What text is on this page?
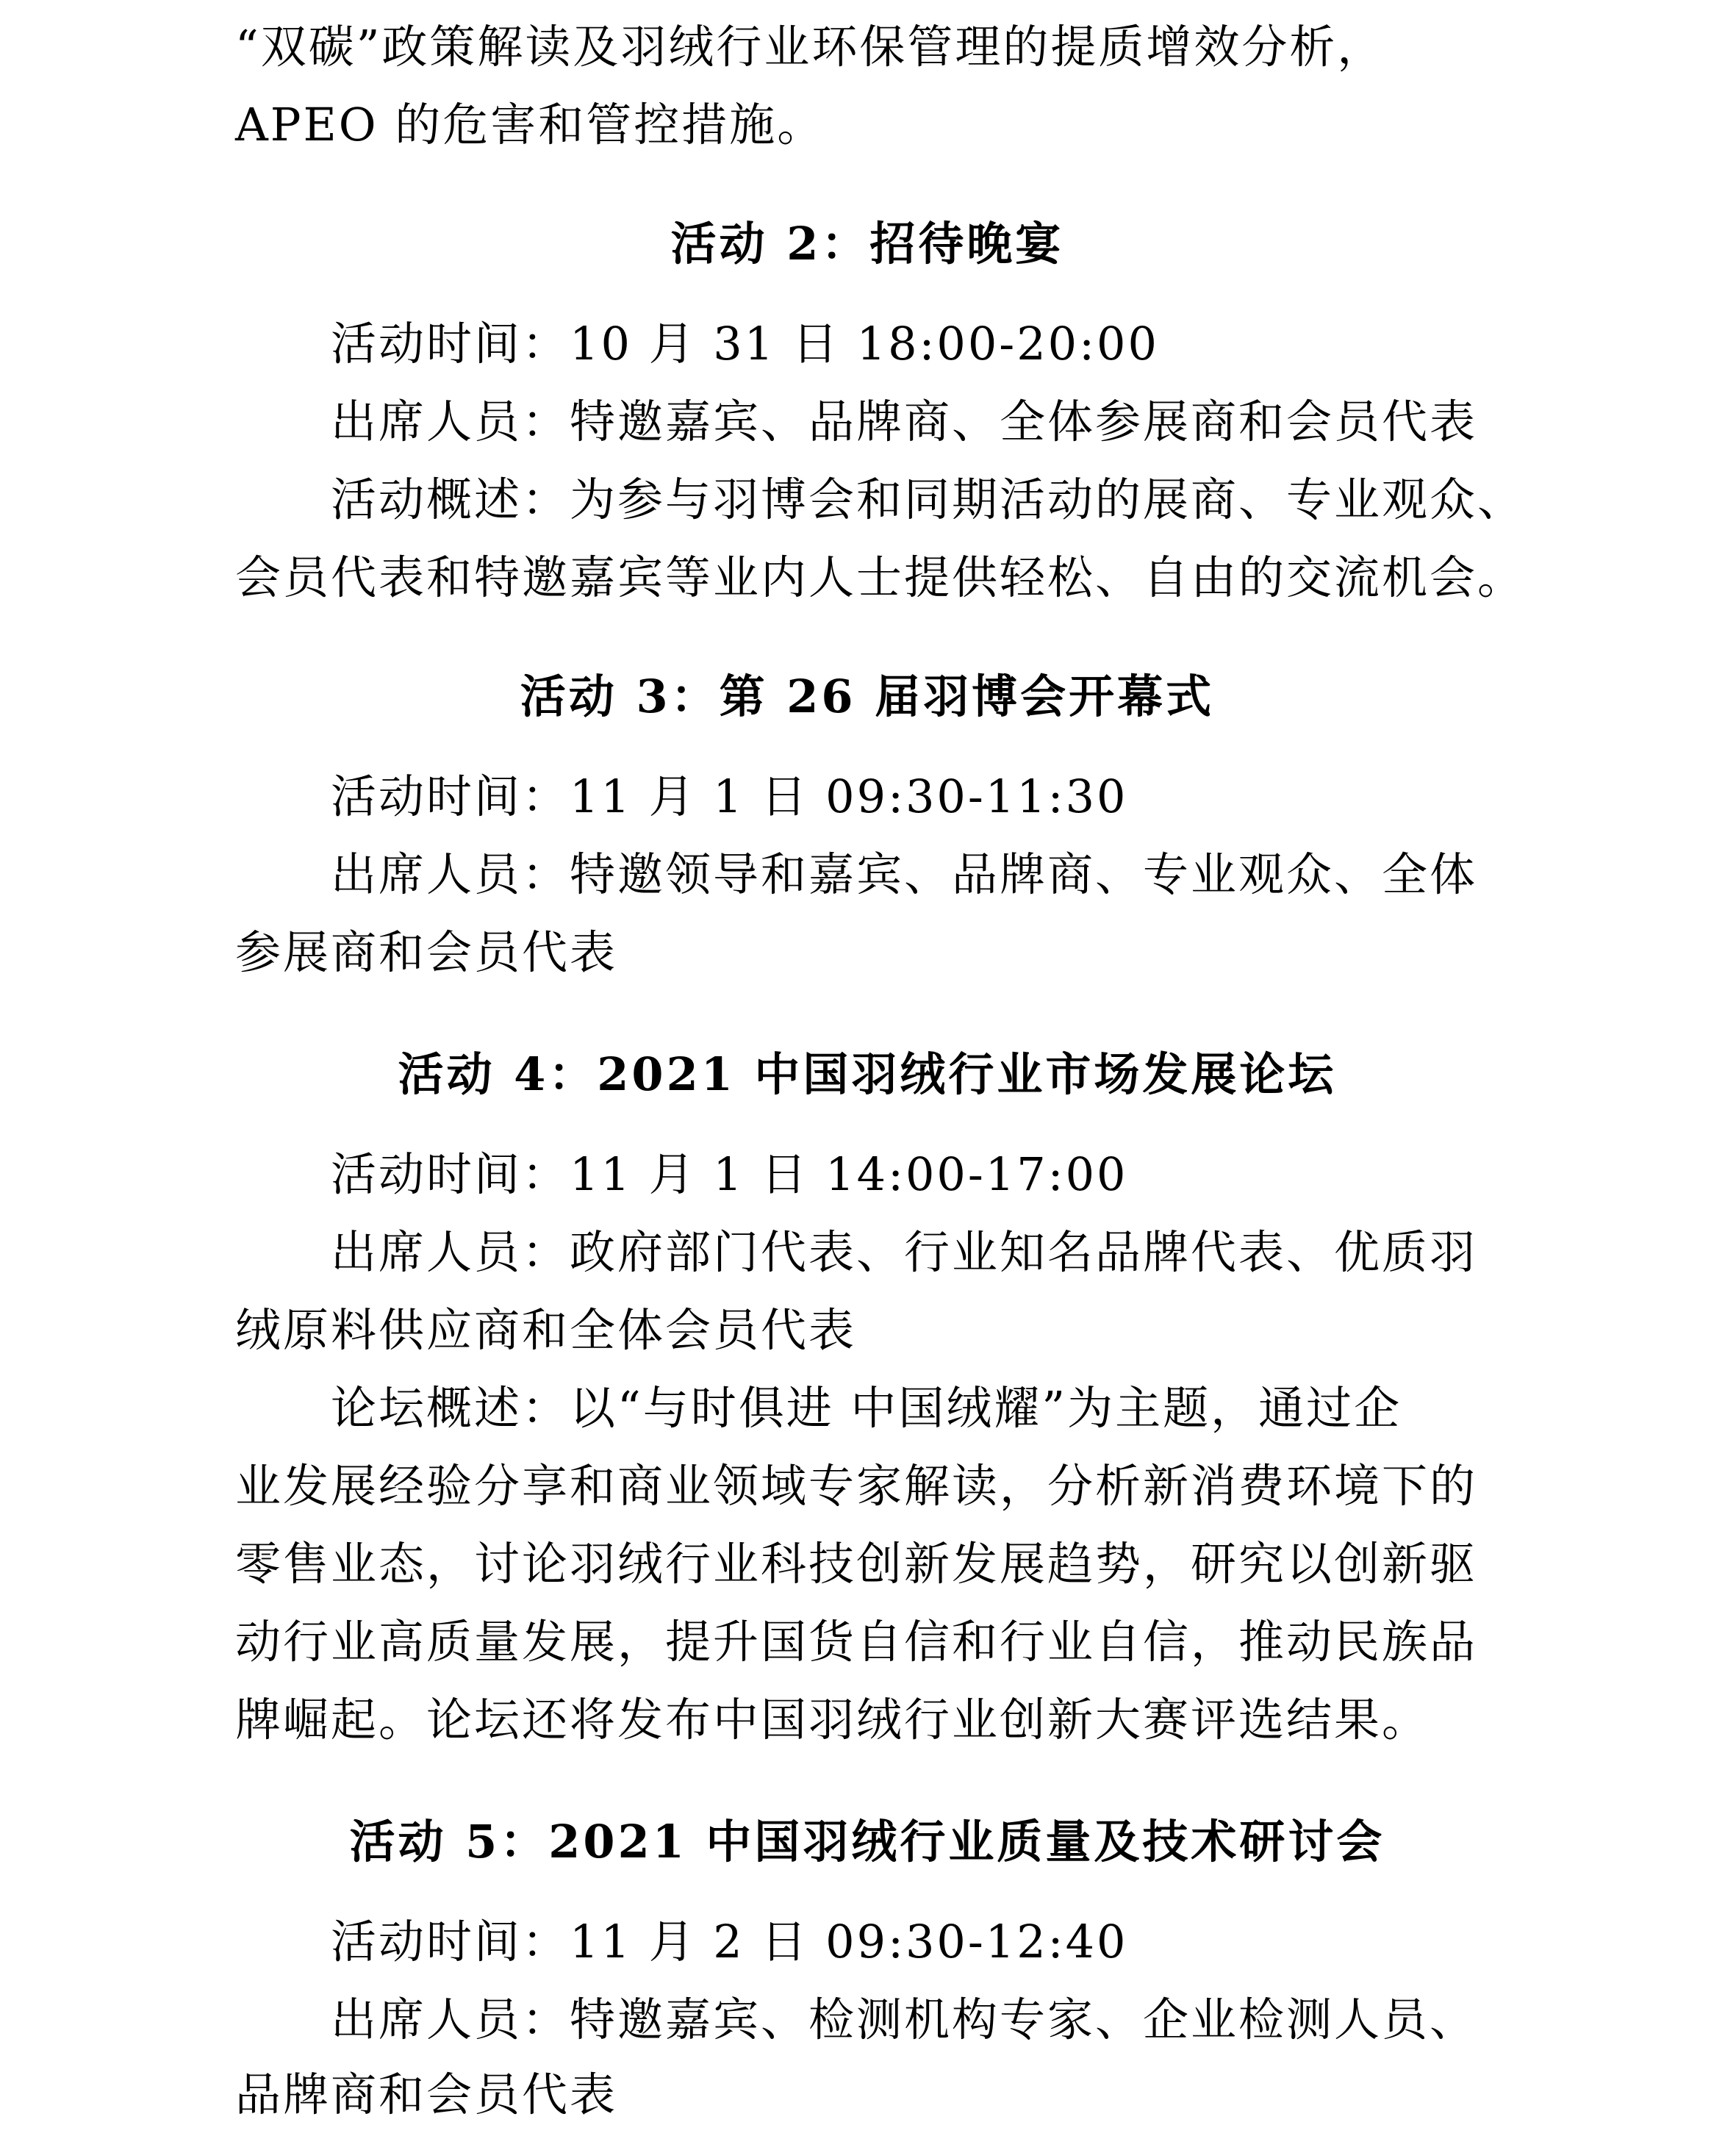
“双碳”政策解读及羽绒行业环保管理的提质增效分析，
APEO 的危害和管控措施。
活动 2：招待晚宴
活动时间：10 月 31 日 18:00-20:00
出席人员：特邀嘉宾、品牌商、全体参展商和会员代表
活动概述：为参与羽博会和同期活动的展商、专业观众、
会员代表和特邀嘉宾等业内人士提供轻松、自由的交流机会。
活动 3：第 26 届羽博会开幕式
活动时间：11 月 1 日 09:30-11:30
出席人员：特邀领导和嘉宾、品牌商、专业观众、全体
参展商和会员代表
活动 4：2021 中国羽绒行业市场发展论坛
活动时间：11 月 1 日 14:00-17:00
出席人员：政府部门代表、行业知名品牌代表、优质羽
绒原料供应商和全体会员代表
论坛概述：以“与时俱进 中国绒耀”为主题，通过企
业发展经验分享和商业领域专家解读，分析新消费环境下的
零售业态，讨论羽绒行业科技创新发展趋势，研究以创新驱
动行业高质量发展，提升国货自信和行业自信，推动民族品
牌崛起。论坛还将发布中国羽绒行业创新大赛评选结果。
活动 5：2021 中国羽绒行业质量及技术研讨会
活动时间：11 月 2 日 09:30-12:40
出席人员：特邀嘉宾、检测机构专家、企业检测人员、
品牌商和会员代表
